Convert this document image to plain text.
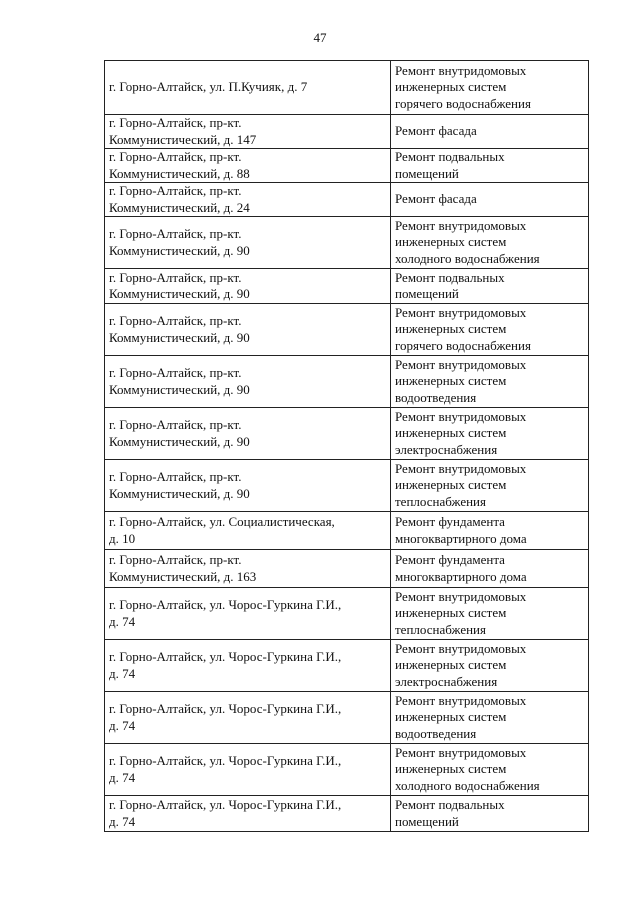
47
г. Горно-Алтайск, ул. П.Кучияк, д. 7	Ремонт внутридомовых
инженерных систем
горячего водоснабжения

г. Горно-Алтайск, пр-кт.
Коммунистический, д. 147	Ремонт фасада

г. Горно-Алтайск, пр-кт.
Коммунистический, д. 88	Ремонт подвальных
помещений

г. Горно-Алтайск, пр-кт.
Коммунистический, д. 24	Ремонт фасада

г. Горно-Алтайск, пр-кт.
Коммунистический, д. 90	Ремонт внутридомовых
инженерных систем
холодного водоснабжения

г. Горно-Алтайск, пр-кт.
Коммунистический, д. 90	Ремонт подвальных
помещений

г. Горно-Алтайск, пр-кт.
Коммунистический, д. 90	Ремонт внутридомовых
инженерных систем
горячего водоснабжения

г. Горно-Алтайск, пр-кт.
Коммунистический, д. 90	Ремонт внутридомовых
инженерных систем
водоотведения

г. Горно-Алтайск, пр-кт.
Коммунистический, д. 90	Ремонт внутридомовых
инженерных систем
электроснабжения

г. Горно-Алтайск, пр-кт.
Коммунистический, д. 90	Ремонт внутридомовых
инженерных систем
теплоснабжения

г. Горно-Алтайск, ул. Социалистическая,
д. 10	Ремонт фундамента
многоквартирного дома

г. Горно-Алтайск, пр-кт.
Коммунистический, д. 163	Ремонт фундамента
многоквартирного дома

г. Горно-Алтайск, ул. Чорос-Гуркина Г.И.,
д. 74	Ремонт внутридомовых
инженерных систем
теплоснабжения

г. Горно-Алтайск, ул. Чорос-Гуркина Г.И.,
д. 74	Ремонт внутридомовых
инженерных систем
электроснабжения

г. Горно-Алтайск, ул. Чорос-Гуркина Г.И.,
д. 74	Ремонт внутридомовых
инженерных систем
водоотведения

г. Горно-Алтайск, ул. Чорос-Гуркина Г.И.,
д. 74	Ремонт внутридомовых
инженерных систем
холодного водоснабжения

г. Горно-Алтайск, ул. Чорос-Гуркина Г.И.,
д. 74	Ремонт подвальных
помещений
